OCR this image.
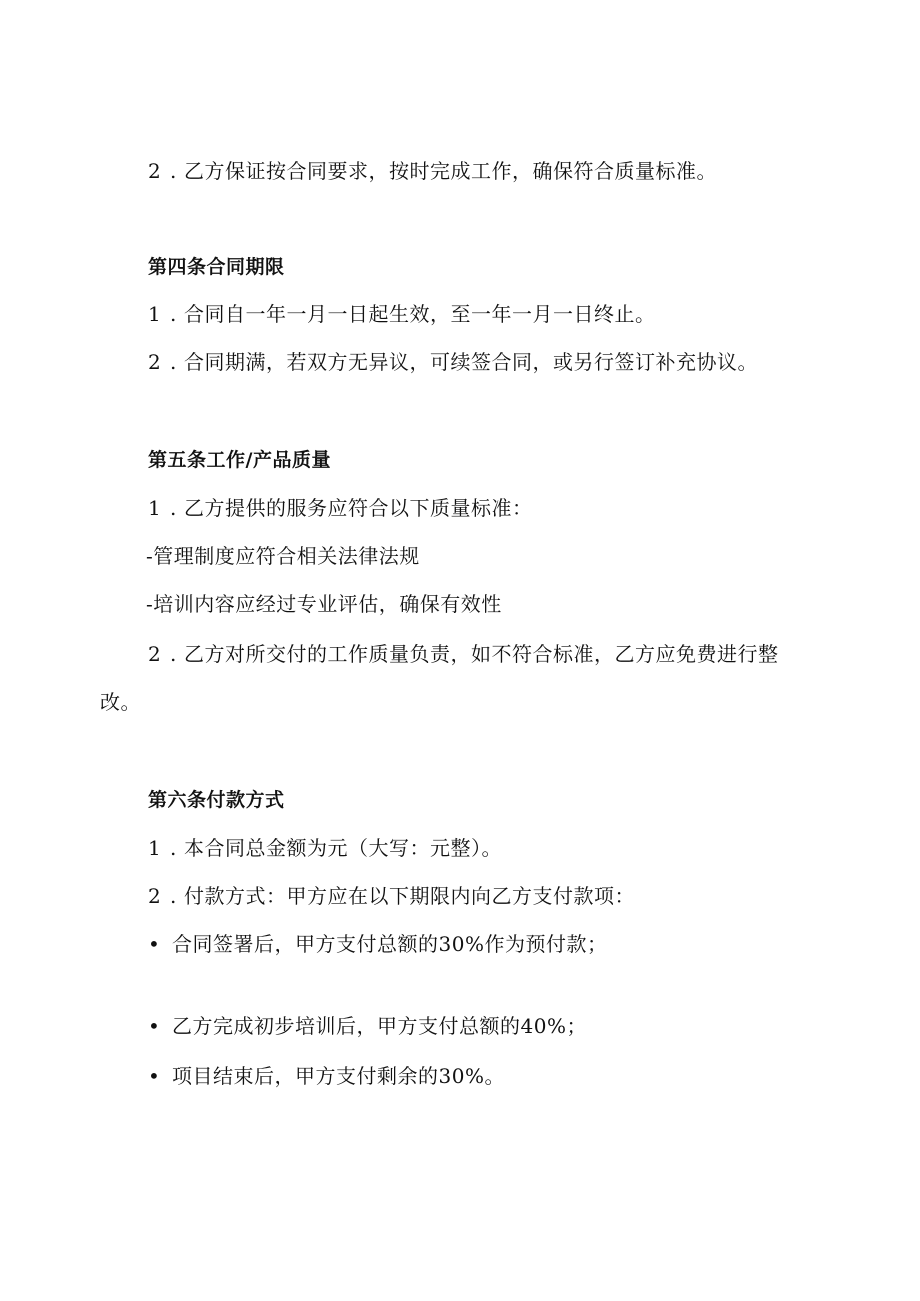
2 . 乙方保证按合同要求，按时完成工作，确保符合质量标准。
第四条合同期限
1 . 合同自一年一月一日起生效，至一年一月一日终止。
2 . 合同期满，若双方无异议，可续签合同，或另行签订补充协议。
第五条工作/产品质量
1 . 乙方提供的服务应符合以下质量标准：
-管理制度应符合相关法律法规
-培训内容应经过专业评估，确保有效性
2 . 乙方对所交付的工作质量负责，如不符合标准，乙方应免费进行整
改。
第六条付款方式
1 . 本合同总金额为元（大写：元整）。
2 . 付款方式：甲方应在以下期限内向乙方支付款项：
• 合同签署后，甲方支付总额的30%作为预付款；
• 乙方完成初步培训后，甲方支付总额的40%；
• 项目结束后，甲方支付剩余的30%。
